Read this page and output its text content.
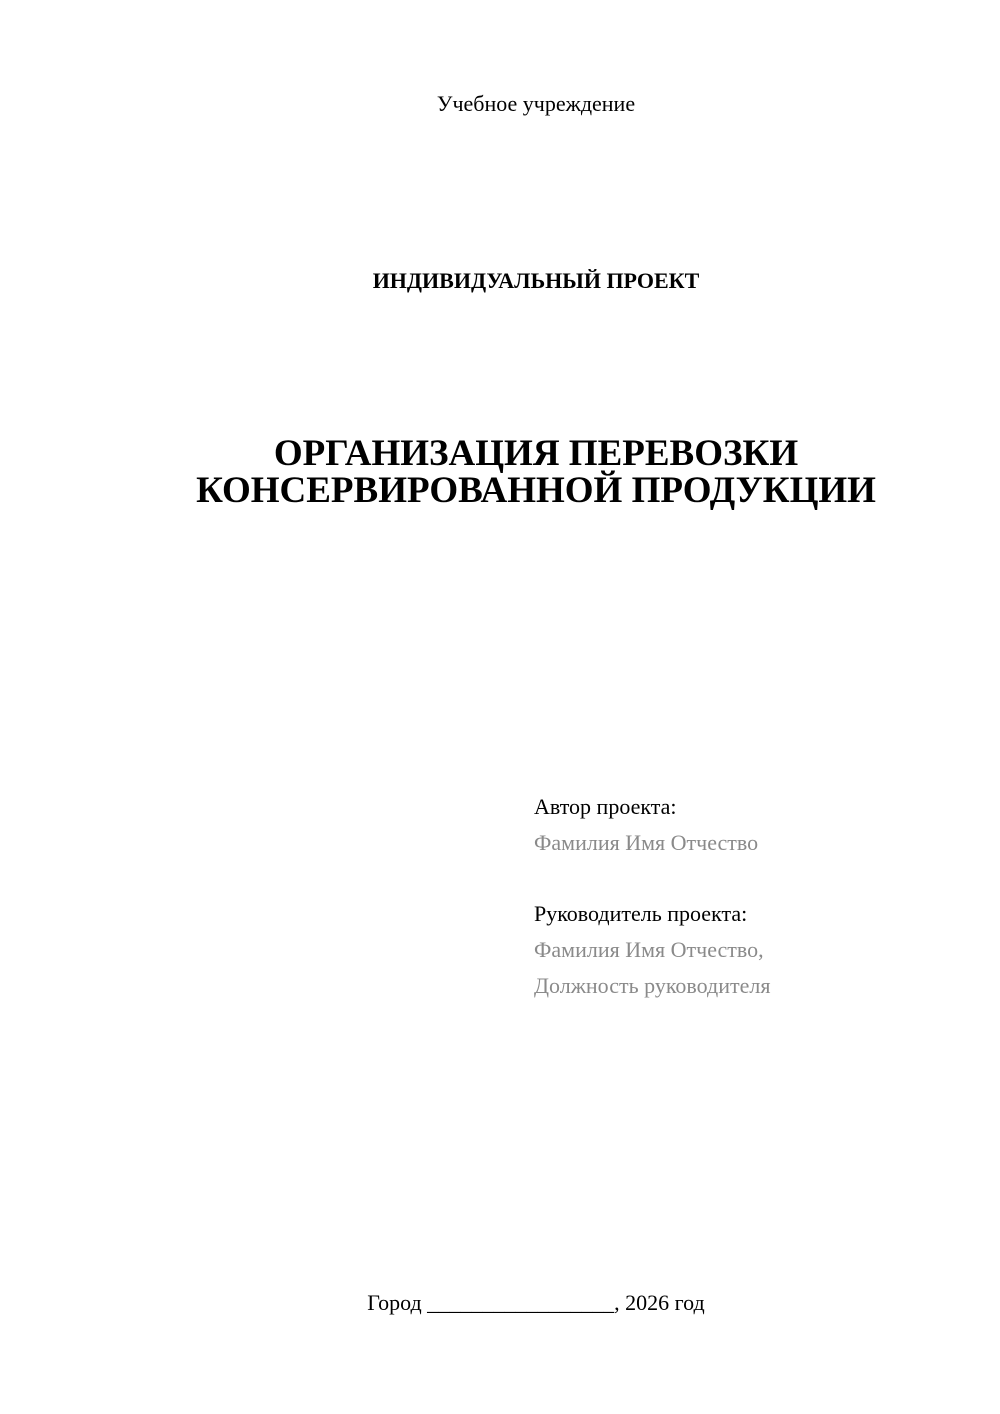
Учебное учреждение
ИНДИВИДУАЛЬНЫЙ ПРОЕКТ
ОРГАНИЗАЦИЯ ПЕРЕВОЗКИ
КОНСЕРВИРОВАННОЙ ПРОДУКЦИИ
Автор проекта:
Фамилия Имя Отчество
Руководитель проекта:
Фамилия Имя Отчество,
Должность руководителя
Город _________________, 2026 год
